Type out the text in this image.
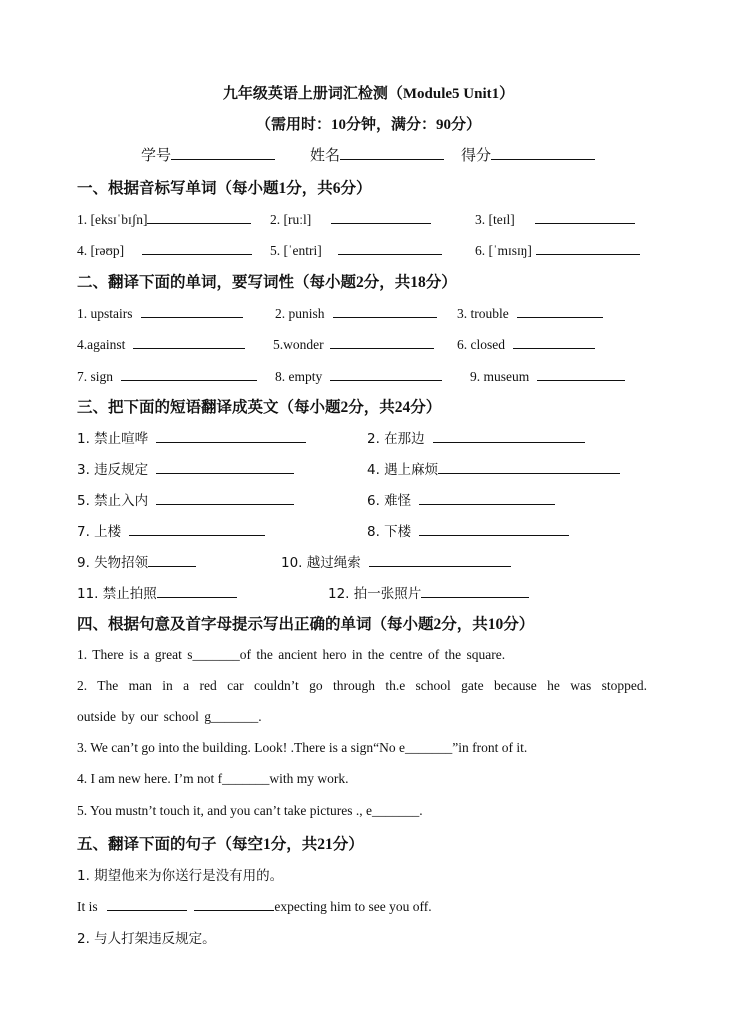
九年级英语上册词汇检测（Module5 Unit1）
（需用时：10分钟，满分：90分）
学号	姓名	得分
一、根据音标写单词（每小题1分，共6分）
1. [eksɪˈbɪʃn]	2. [ruːl]	3. [teɪl]
4. [rəʊp]	5. [ˈentri]	6. [ˈmɪsɪŋ]
二、翻译下面的单词，要写词性（每小题2分，共18分）
1. upstairs	2. punish	3. trouble
4.against	5.wonder	6. closed
7. sign	8. empty	9. museum
三、把下面的短语翻译成英文（每小题2分，共24分）
1. 禁止喧哗	2. 在那边
3. 违反规定	4. 遇上麻烦
5. 禁止入内	6. 难怪
7. 上楼	8. 下楼
9. 失物招领	10. 越过绳索
11. 禁止拍照	12. 拍一张照片
四、根据句意及首字母提示写出正确的单词（每小题2分，共10分）
1. There is a great s_______of the ancient hero in the centre of the square.
2. The man in a red car couldn’t go through th.e school gate because he was stopped.
outside by our school g_______.
3. We can’t go into the building. Look! .There is a sign“No e_______”in front of it.
4. I am new here. I’m not f_______with my work.
5. You mustn’t touch it, and you can’t take pictures ., e_______.
五、翻译下面的句子（每空1分，共21分）
1. 期望他来为你送行是没有用的。
It is	expecting him to see you off.
2. 与人打架违反规定。
